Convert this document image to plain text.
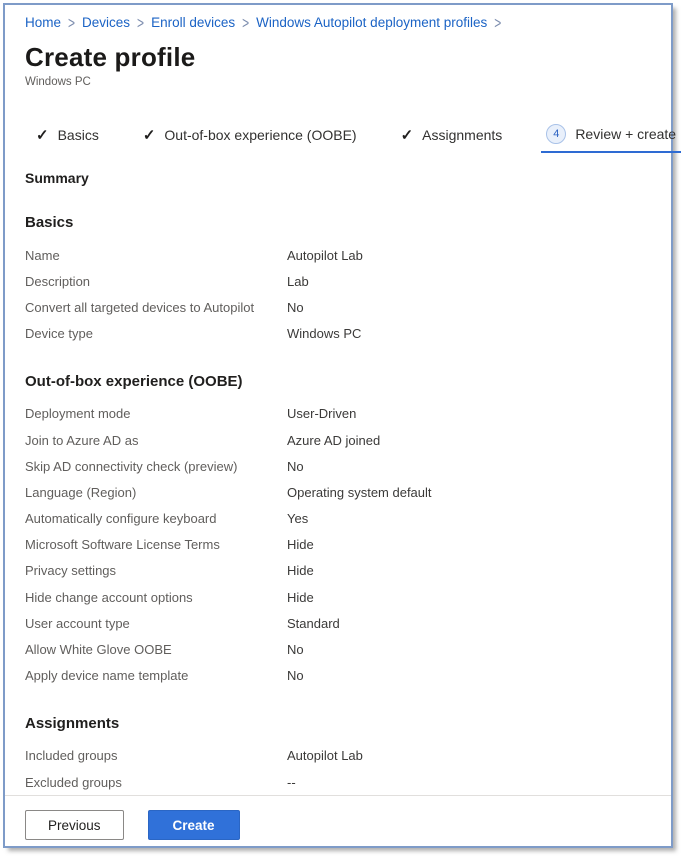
Home > Devices > Enroll devices > Windows Autopilot deployment profiles >
Create profile
Windows PC
✓ Basics	✓ Out-of-box experience (OOBE)	✓ Assignments	4	Review + create
Summary
Basics
Name	Autopilot Lab
Description	Lab
Convert all targeted devices to Autopilot	No
Device type	Windows PC
Out-of-box experience (OOBE)
Deployment mode	User-Driven
Join to Azure AD as	Azure AD joined
Skip AD connectivity check (preview)	No
Language (Region)	Operating system default
Automatically configure keyboard	Yes
Microsoft Software License Terms	Hide
Privacy settings	Hide
Hide change account options	Hide
User account type	Standard
Allow White Glove OOBE	No
Apply device name template	No
Assignments
Included groups	Autopilot Lab
Excluded groups	--
Previous	Create
